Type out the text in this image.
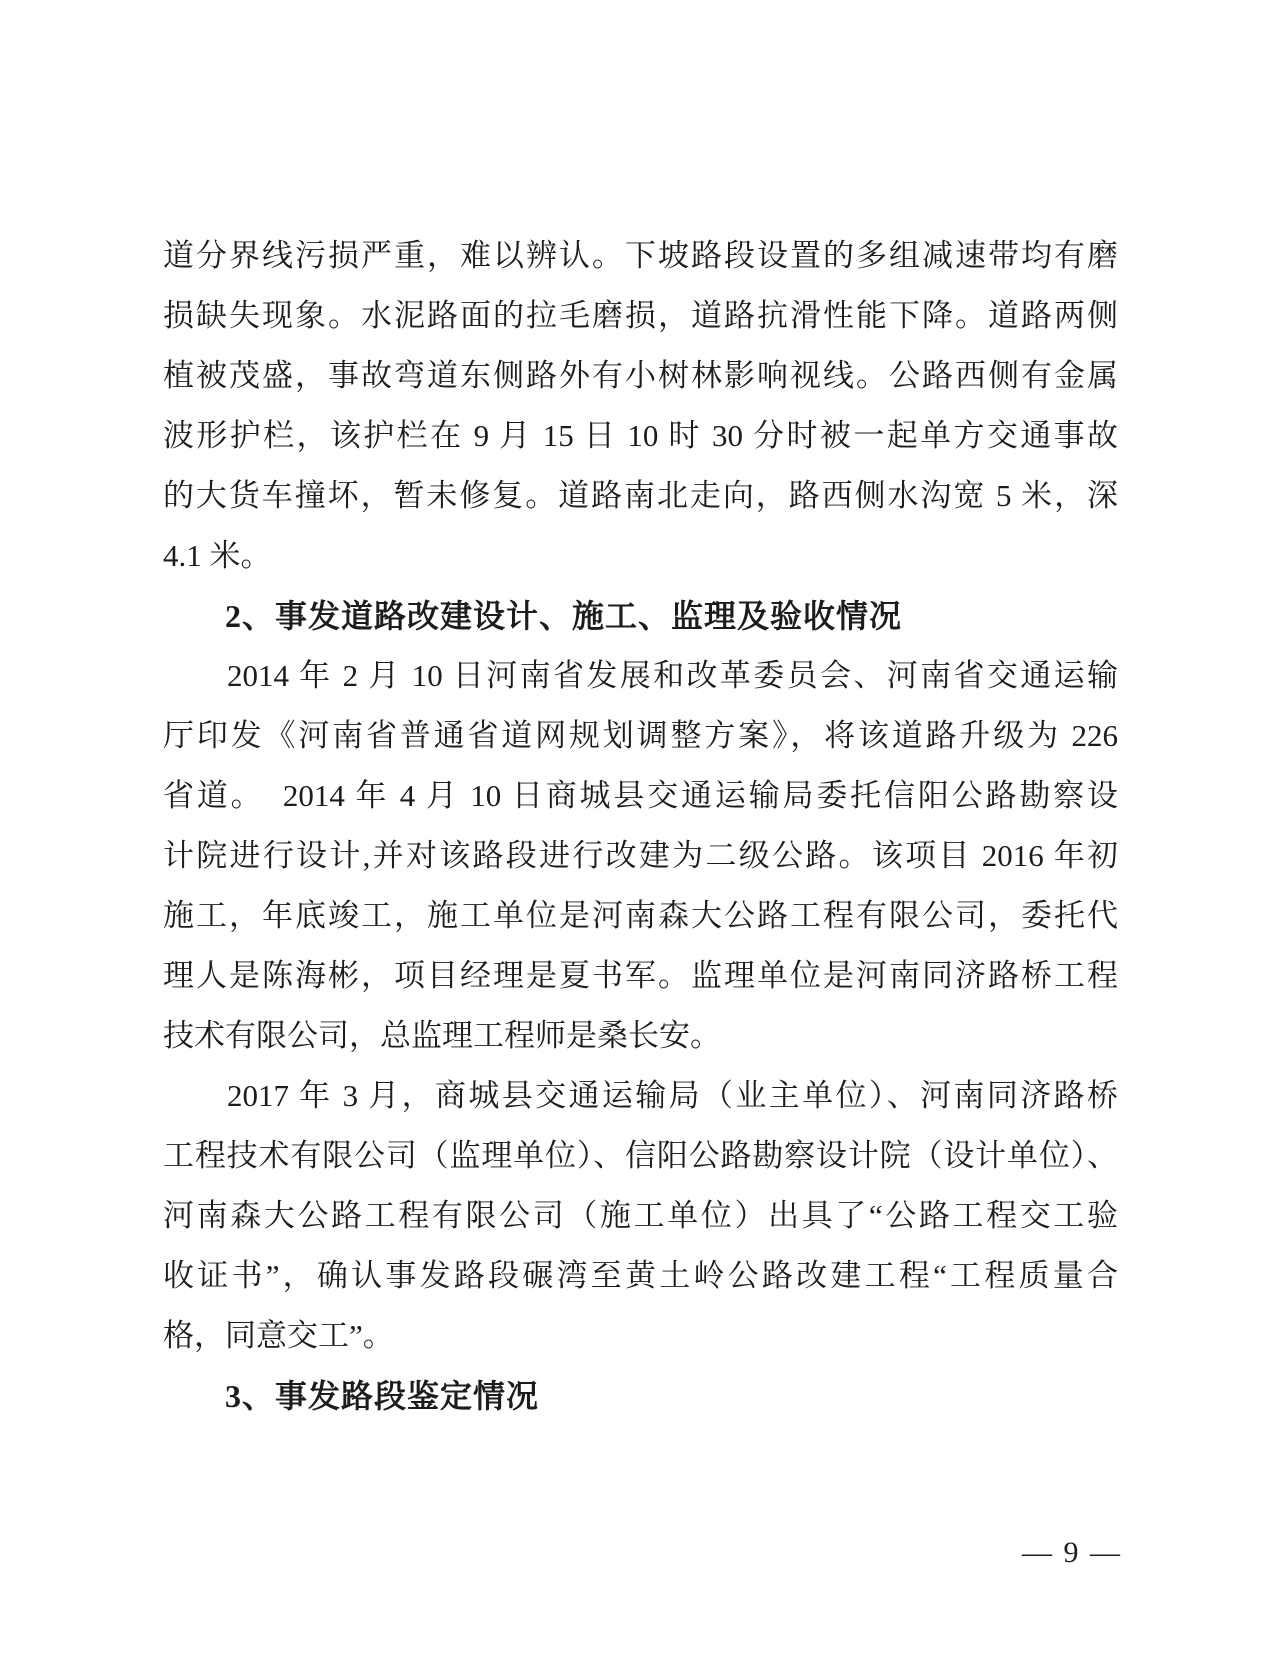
道分界线污损严重，难以辨认。下坡路段设置的多组减速带均有磨
损缺失现象。水泥路面的拉毛磨损，道路抗滑性能下降。道路两侧
植被茂盛，事故弯道东侧路外有小树林影响视线。公路西侧有金属
波形护栏，该护栏在 9 月 15 日 10 时 30 分时被一起单方交通事故
的大货车撞坏，暂未修复。道路南北走向，路西侧水沟宽 5 米，深
4.1 米。
2、事发道路改建设计、施工、监理及验收情况
2014 年 2 月 10 日河南省发展和改革委员会、河南省交通运输
厅印发《河南省普通省道网规划调整方案》，将该道路升级为 226
省道。　2014 年 4 月 10 日商城县交通运输局委托信阳公路勘察设
计院进行设计,并对该路段进行改建为二级公路。该项目 2016 年初
施工，年底竣工，施工单位是河南森大公路工程有限公司，委托代
理人是陈海彬，项目经理是夏书军。监理单位是河南同济路桥工程
技术有限公司，总监理工程师是桑长安。
2017 年 3 月，商城县交通运输局（业主单位）、河南同济路桥
工程技术有限公司（监理单位）、信阳公路勘察设计院（设计单位）、
河南森大公路工程有限公司（施工单位）出具了“公路工程交工验
收证书”，确认事发路段碾湾至黄土岭公路改建工程“工程质量合
格，同意交工”。
3、事发路段鉴定情况
— 9 —
